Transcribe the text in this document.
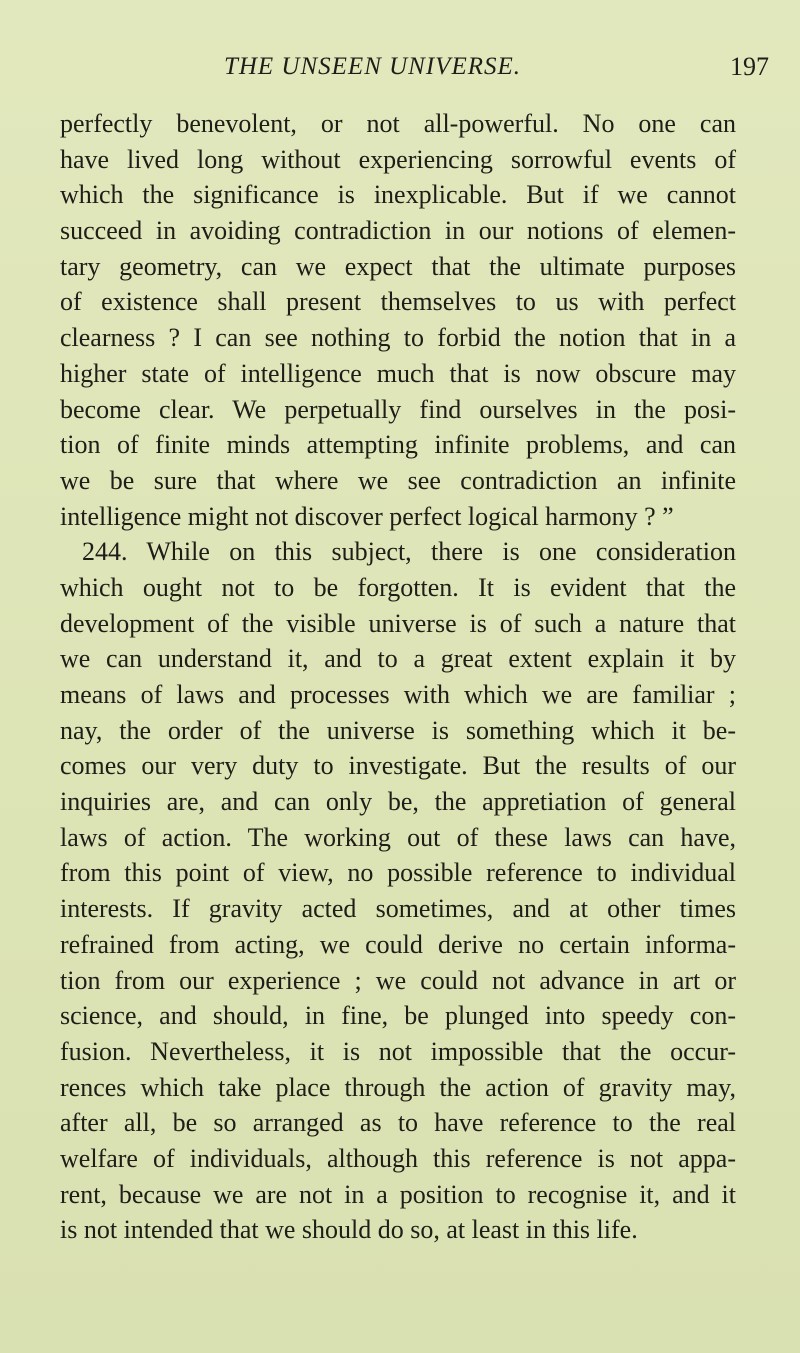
THE UNSEEN UNIVERSE.	197
perfectly benevolent, or not all-powerful. No one can
have lived long without experiencing sorrowful events of
which the significance is inexplicable. But if we cannot
succeed in avoiding contradiction in our notions of elemen-
tary geometry, can we expect that the ultimate purposes
of existence shall present themselves to us with perfect
clearness ? I can see nothing to forbid the notion that in a
higher state of intelligence much that is now obscure may
become clear. We perpetually find ourselves in the posi-
tion of finite minds attempting infinite problems, and can
we be sure that where we see contradiction an infinite
intelligence might not discover perfect logical harmony ? ”
244. While on this subject, there is one consideration
which ought not to be forgotten. It is evident that the
development of the visible universe is of such a nature that
we can understand it, and to a great extent explain it by
means of laws and processes with which we are familiar ;
nay, the order of the universe is something which it be-
comes our very duty to investigate. But the results of our
inquiries are, and can only be, the appretiation of general
laws of action. The working out of these laws can have,
from this point of view, no possible reference to individual
interests. If gravity acted sometimes, and at other times
refrained from acting, we could derive no certain informa-
tion from our experience ; we could not advance in art or
science, and should, in fine, be plunged into speedy con-
fusion. Nevertheless, it is not impossible that the occur-
rences which take place through the action of gravity may,
after all, be so arranged as to have reference to the real
welfare of individuals, although this reference is not appa-
rent, because we are not in a position to recognise it, and it
is not intended that we should do so, at least in this life.
